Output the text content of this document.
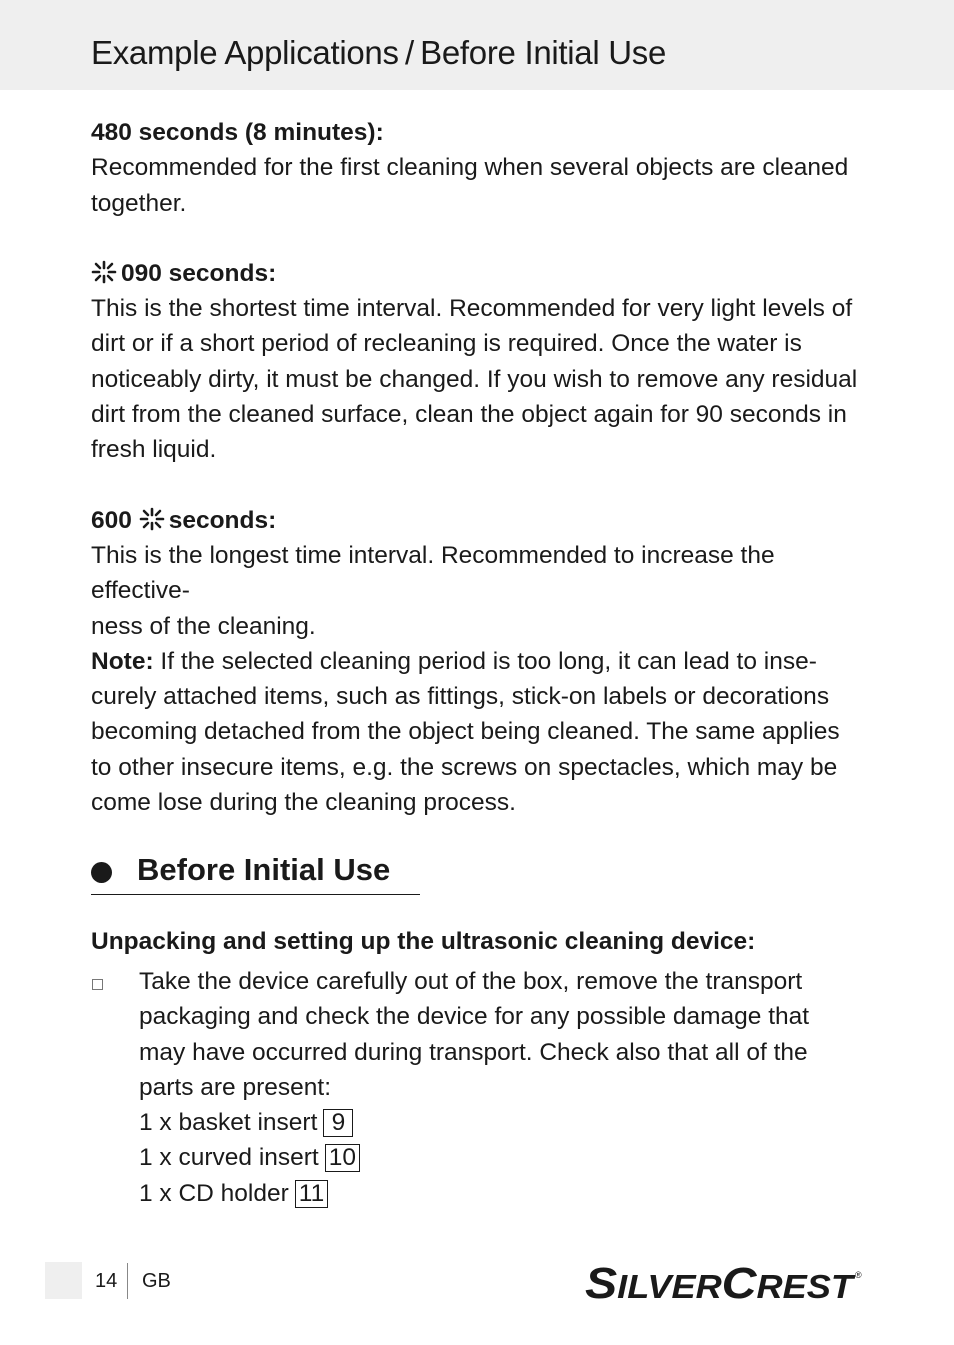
Example Applications / Before Initial Use

480 seconds (8 minutes):

Recommended for the first cleaning when several objects are cleaned

together.

090 seconds:

This is the shortest time interval. Recommended for very light levels of

dirt or if a short period of recleaning is required. Once the water is

noticeably dirty, it must be changed. If you wish to remove any residual

dirt from the cleaned surface, clean the object again for 90 seconds in

fresh liquid.

600 seconds:

This is the longest time interval. Recommended to increase the effective-

ness of the cleaning.

Note: If the selected cleaning period is too long, it can lead to inse-

curely attached items, such as fittings, stick-on labels or decorations

becoming detached from the object being cleaned. The same applies

to other insecure items, e.g. the screws on spectacles, which may be

come lose during the cleaning process.

Before Initial Use
Unpacking and setting up the ultrasonic cleaning device:
Take the device carefully out of the box, remove the transport
packaging and check the device for any possible damage that
may have occurred during transport. Check also that all of the
parts are present:
1 x basket insert 9
1 x curved insert 10
1 x CD holder 11
14 GB	SILVER CREST	®
